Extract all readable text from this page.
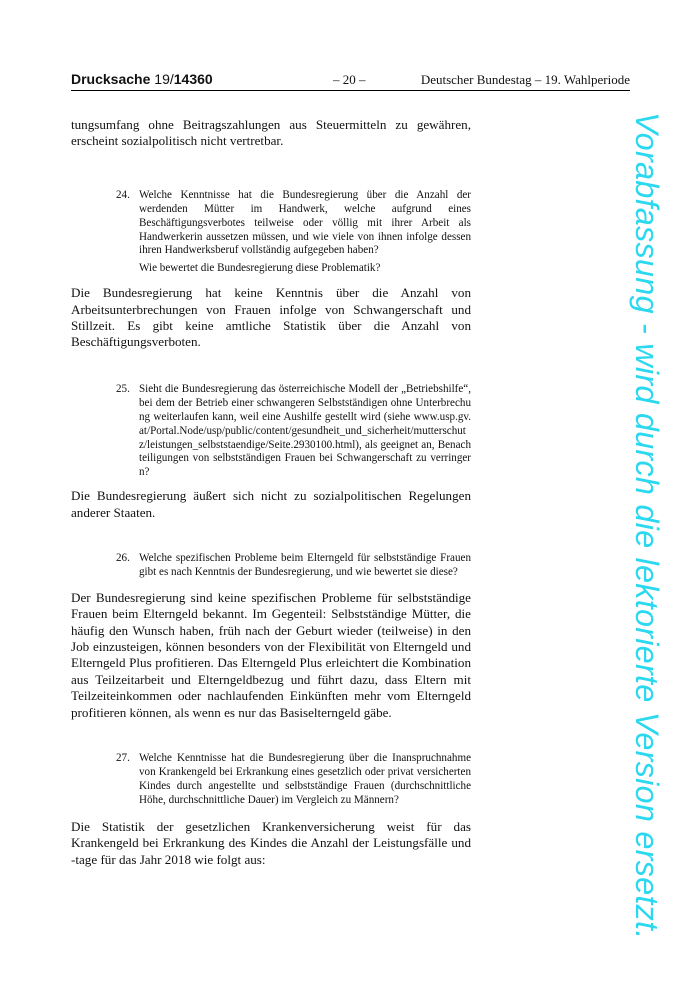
Drucksache 19/14360	– 20 –	Deutscher Bundestag – 19. Wahlperiode

tungsumfang ohne Beitragszahlungen aus Steuermitteln zu gewähren, erscheint sozialpolitisch nicht vertretbar.

24. Welche Kenntnisse hat die Bundesregierung über die Anzahl der werdenden Mütter im Handwerk, welche aufgrund eines Beschäftigungsverbotes teilweise oder völlig mit ihrer Arbeit als Handwerkerin aussetzen müssen, und wie viele von ihnen infolge dessen ihren Handwerksberuf vollständig aufgegeben haben?

Wie bewertet die Bundesregierung diese Problematik?

Die Bundesregierung hat keine Kenntnis über die Anzahl von Arbeitsunterbrechungen von Frauen infolge von Schwangerschaft und Stillzeit. Es gibt keine amtliche Statistik über die Anzahl von Beschäftigungsverboten.

25. Sieht die Bundesregierung das österreichische Modell der „Betriebshilfe“, bei dem der Betrieb einer schwangeren Selbstständigen ohne Unterbrechung weiterlaufen kann, weil eine Aushilfe gestellt wird (siehe www.usp.gv.at/Portal.Node/usp/public/content/gesundheit_und_sicherheit/mutterschutz/leistungen_selbststaendige/Seite.2930100.html), als geeignet an, Benachteiligungen von selbstständigen Frauen bei Schwangerschaft zu verringern?

Die Bundesregierung äußert sich nicht zu sozialpolitischen Regelungen anderer Staaten.

26. Welche spezifischen Probleme beim Elterngeld für selbstständige Frauen gibt es nach Kenntnis der Bundesregierung, und wie bewertet sie diese?

Der Bundesregierung sind keine spezifischen Probleme für selbstständige Frauen beim Elterngeld bekannt. Im Gegenteil: Selbstständige Mütter, die häufig den Wunsch haben, früh nach der Geburt wieder (teilweise) in den Job einzusteigen, können besonders von der Flexibilität von Elterngeld und Elterngeld Plus profitieren. Das Elterngeld Plus erleichtert die Kombination aus Teilzeitarbeit und Elterngeldbezug und führt dazu, dass Eltern mit Teilzeiteinkommen oder nachlaufenden Einkünften mehr vom Elterngeld profitieren können, als wenn es nur das Basiselterngeld gäbe.

27. Welche Kenntnisse hat die Bundesregierung über die Inanspruchnahme von Krankengeld bei Erkrankung eines gesetzlich oder privat versicherten Kindes durch angestellte und selbstständige Frauen (durchschnittliche Höhe, durchschnittliche Dauer) im Vergleich zu Männern?

Die Statistik der gesetzlichen Krankenversicherung weist für das Krankengeld bei Erkrankung des Kindes die Anzahl der Leistungsfälle und -tage für das Jahr 2018 wie folgt aus:	Vorabfassung - wird durch die lektorierte Version ersetzt.
